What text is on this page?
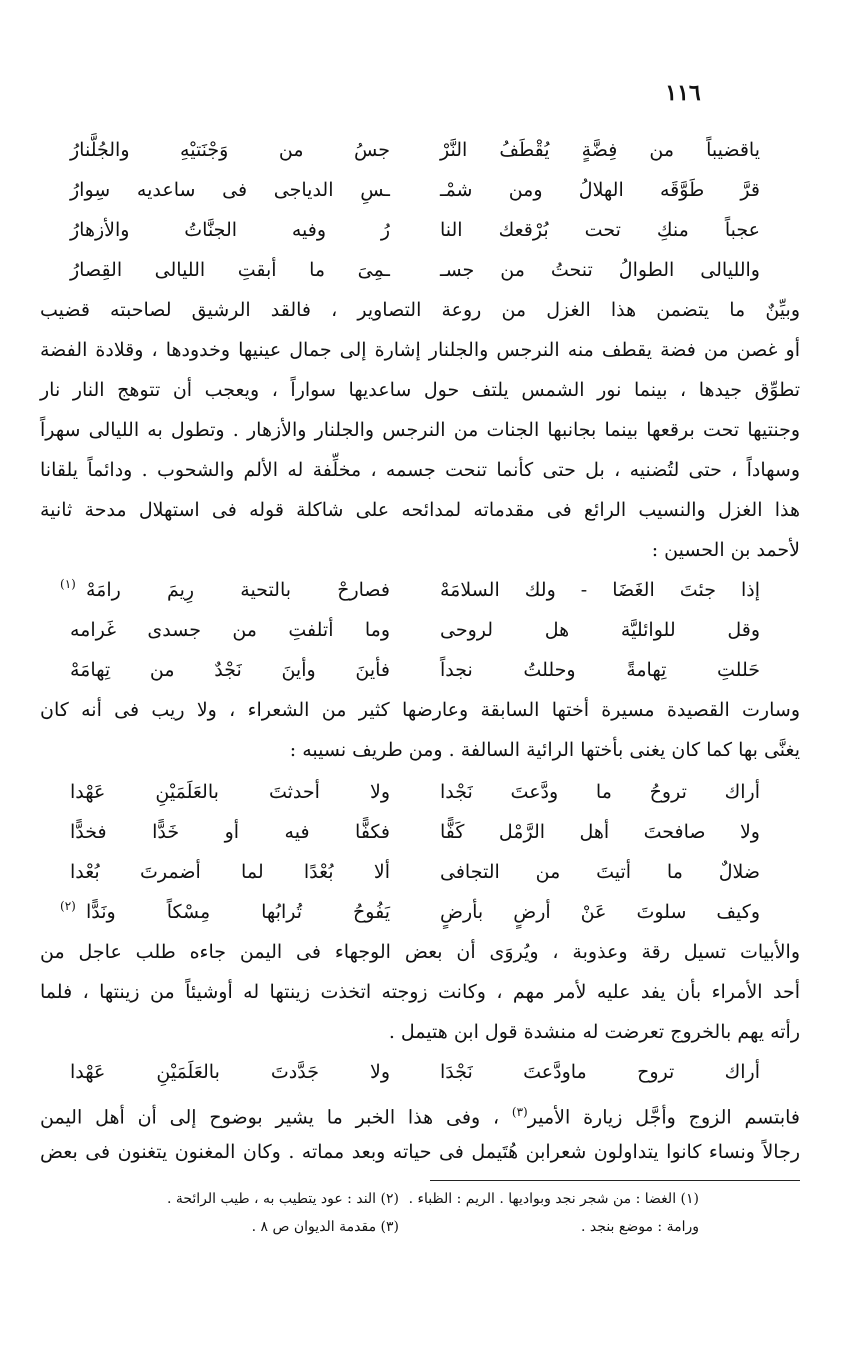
١١٦
ياقضيباً من فِضَّةٍ يُقْطَفُ النَّرْ
جسُ من وَجْنَتيْهِ والجُلَّنارُ
قرَّ طَوَّقَه الهلالُ ومن شمْـ
ـسِ الدياجى فى ساعديه سِوارُ
عجباً منكِ تحت بُرْقعك النا
رُ وفيه الجنَّاتُ والأزهارُ
والليالى الطوالُ تنحتُ من جسـ
ـمِىَ ما أبقتِ الليالى القِصارُ
وبيِّنٌ ما يتضمن هذا الغزل من روعة التصاوير ، فالقد الرشيق لصاحبته قضيب
أو غصن من فضة يقطف منه النرجس والجلنار إشارة إلى جمال عينيها وخدودها ، وقلادة الفضة
تطوِّق جيدها ، بينما نور الشمس يلتف حول ساعديها سواراً ، ويعجب أن تتوهج النار نار
وجنتيها تحت برقعها بينما بجانبها الجنات من النرجس والجلنار والأزهار . وتطول به الليالى سهراً
وسهاداً ، حتى لتُضنيه ، بل حتى كأنما تنحت جسمه ، مخلِّفة له الألم والشحوب . ودائماً يلقانا
هذا الغزل والنسيب الرائع فى مقدماته لمدائحه على شاكلة قوله فى استهلال مدحة ثانية
لأحمد بن الحسين :
إذا جئتَ الغَضَا - ولك السلامَهْ
فصارحْ بالتحية رِيمَ رامَهْ
(١)
وقل للوائليَّة هل لروحى
وما أتلفتِ من جسدى غَرامه
حَللتِ تِهامةً وحللتُ نجداً
فأينَ وأينَ نَجْدٌ من تِهامَهْ
وسارت القصيدة مسيرة أختها السابقة وعارضها كثير من الشعراء ، ولا ريب فى أنه كان
يغنَّى بها كما كان يغنى بأختها الرائية السالفة . ومن طريف نسيبه :
أراك تروحُ ما ودَّعتَ نَجْدا
ولا أحدثتَ بالعَلَمَيْنِ عَهْدا
ولا صافحتَ أهل الرَّمْل كَفًّا
فكفًّا فيه أو خَدًّا فخدًّا
ضلالٌ ما أتيتَ من التجافى
ألا بُعْدًا لما أضمرتَ بُعْدا
وكيف سلوتَ عَنْ أرضٍ بأرضٍ
يَفُوحُ تُرابُها مِسْكاً ونَدًّا
(٢)
والأبيات تسيل رقة وعذوبة ، ويُروَى أن بعض الوجهاء فى اليمن جاءه طلب عاجل من
أحد الأمراء بأن يفد عليه لأمر مهم ، وكانت زوجته اتخذت زينتها له أوشيئاً من زينتها ، فلما
رأته يهم بالخروج تعرضت له منشدة قول ابن هتيمل .
أراك تروح ماودَّعتَ نَجْدَا
ولا جَدَّدتَ بالعَلَمَيْنِ عَهْدا
فابتسم الزوج وأجَّل زيارة الأمير$^{(٣)}$ ، وفى هذا الخبر ما يشير بوضوح إلى أن أهل اليمن
رجالاً ونساء كانوا يتداولون شعرابن هُتَيمل فى حياته وبعد مماته . وكان المغنون يتغنون فى بعض
(١) الغضا : من شجر نجد وبواديها . الريم : الظباء .
(٢) الند : عود يتطيب به ، طيب الرائحة .
ورامة : موضع بنجد .
(٣) مقدمة الديوان ص ٨ .
